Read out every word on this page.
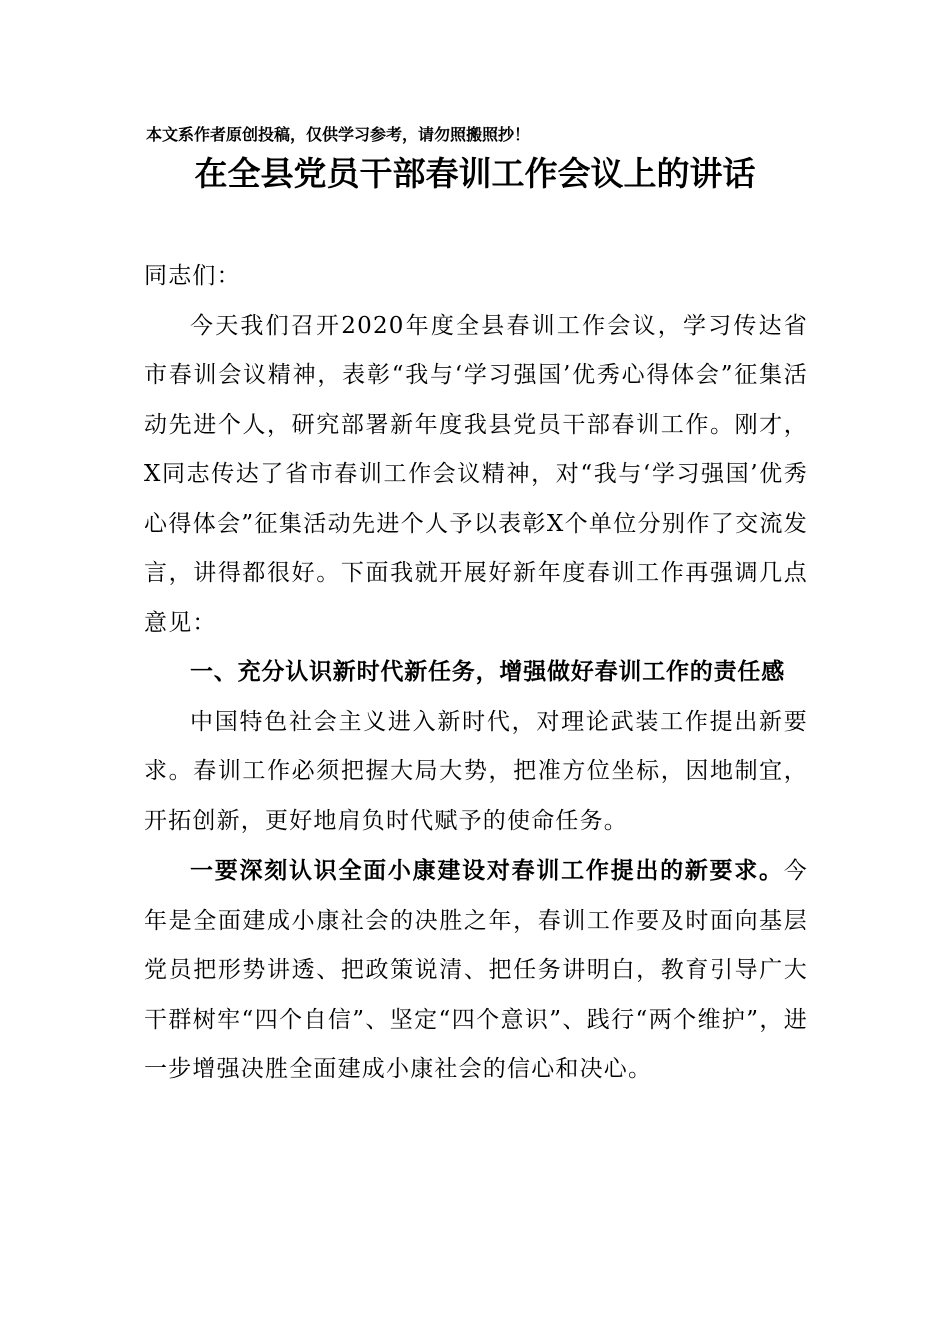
本文系作者原创投稿，仅供学习参考，请勿照搬照抄！
在全县党员干部春训工作会议上的讲话

同志们：

今天我们召开2020年度全县春训工作会议，学习传达省市春训会议精神，表彰“我与‘学习强国’优秀心得体会”征集活动先进个人，研究部署新年度我县党员干部春训工作。刚才，X同志传达了省市春训工作会议精神，对“我与‘学习强国’优秀心得体会”征集活动先进个人予以表彰X个单位分别作了交流发言，讲得都很好。下面我就开展好新年度春训工作再强调几点意见：

一、充分认识新时代新任务，增强做好春训工作的责任感

中国特色社会主义进入新时代，对理论武装工作提出新要求。春训工作必须把握大局大势，把准方位坐标，因地制宜，开拓创新，更好地肩负时代赋予的使命任务。

一要深刻认识全面小康建设对春训工作提出的新要求。今年是全面建成小康社会的决胜之年，春训工作要及时面向基层党员把形势讲透、把政策说清、把任务讲明白，教育引导广大干群树牢“四个自信”、坚定“四个意识”、践行“两个维护”，进一步增强决胜全面建成小康社会的信心和决心。
